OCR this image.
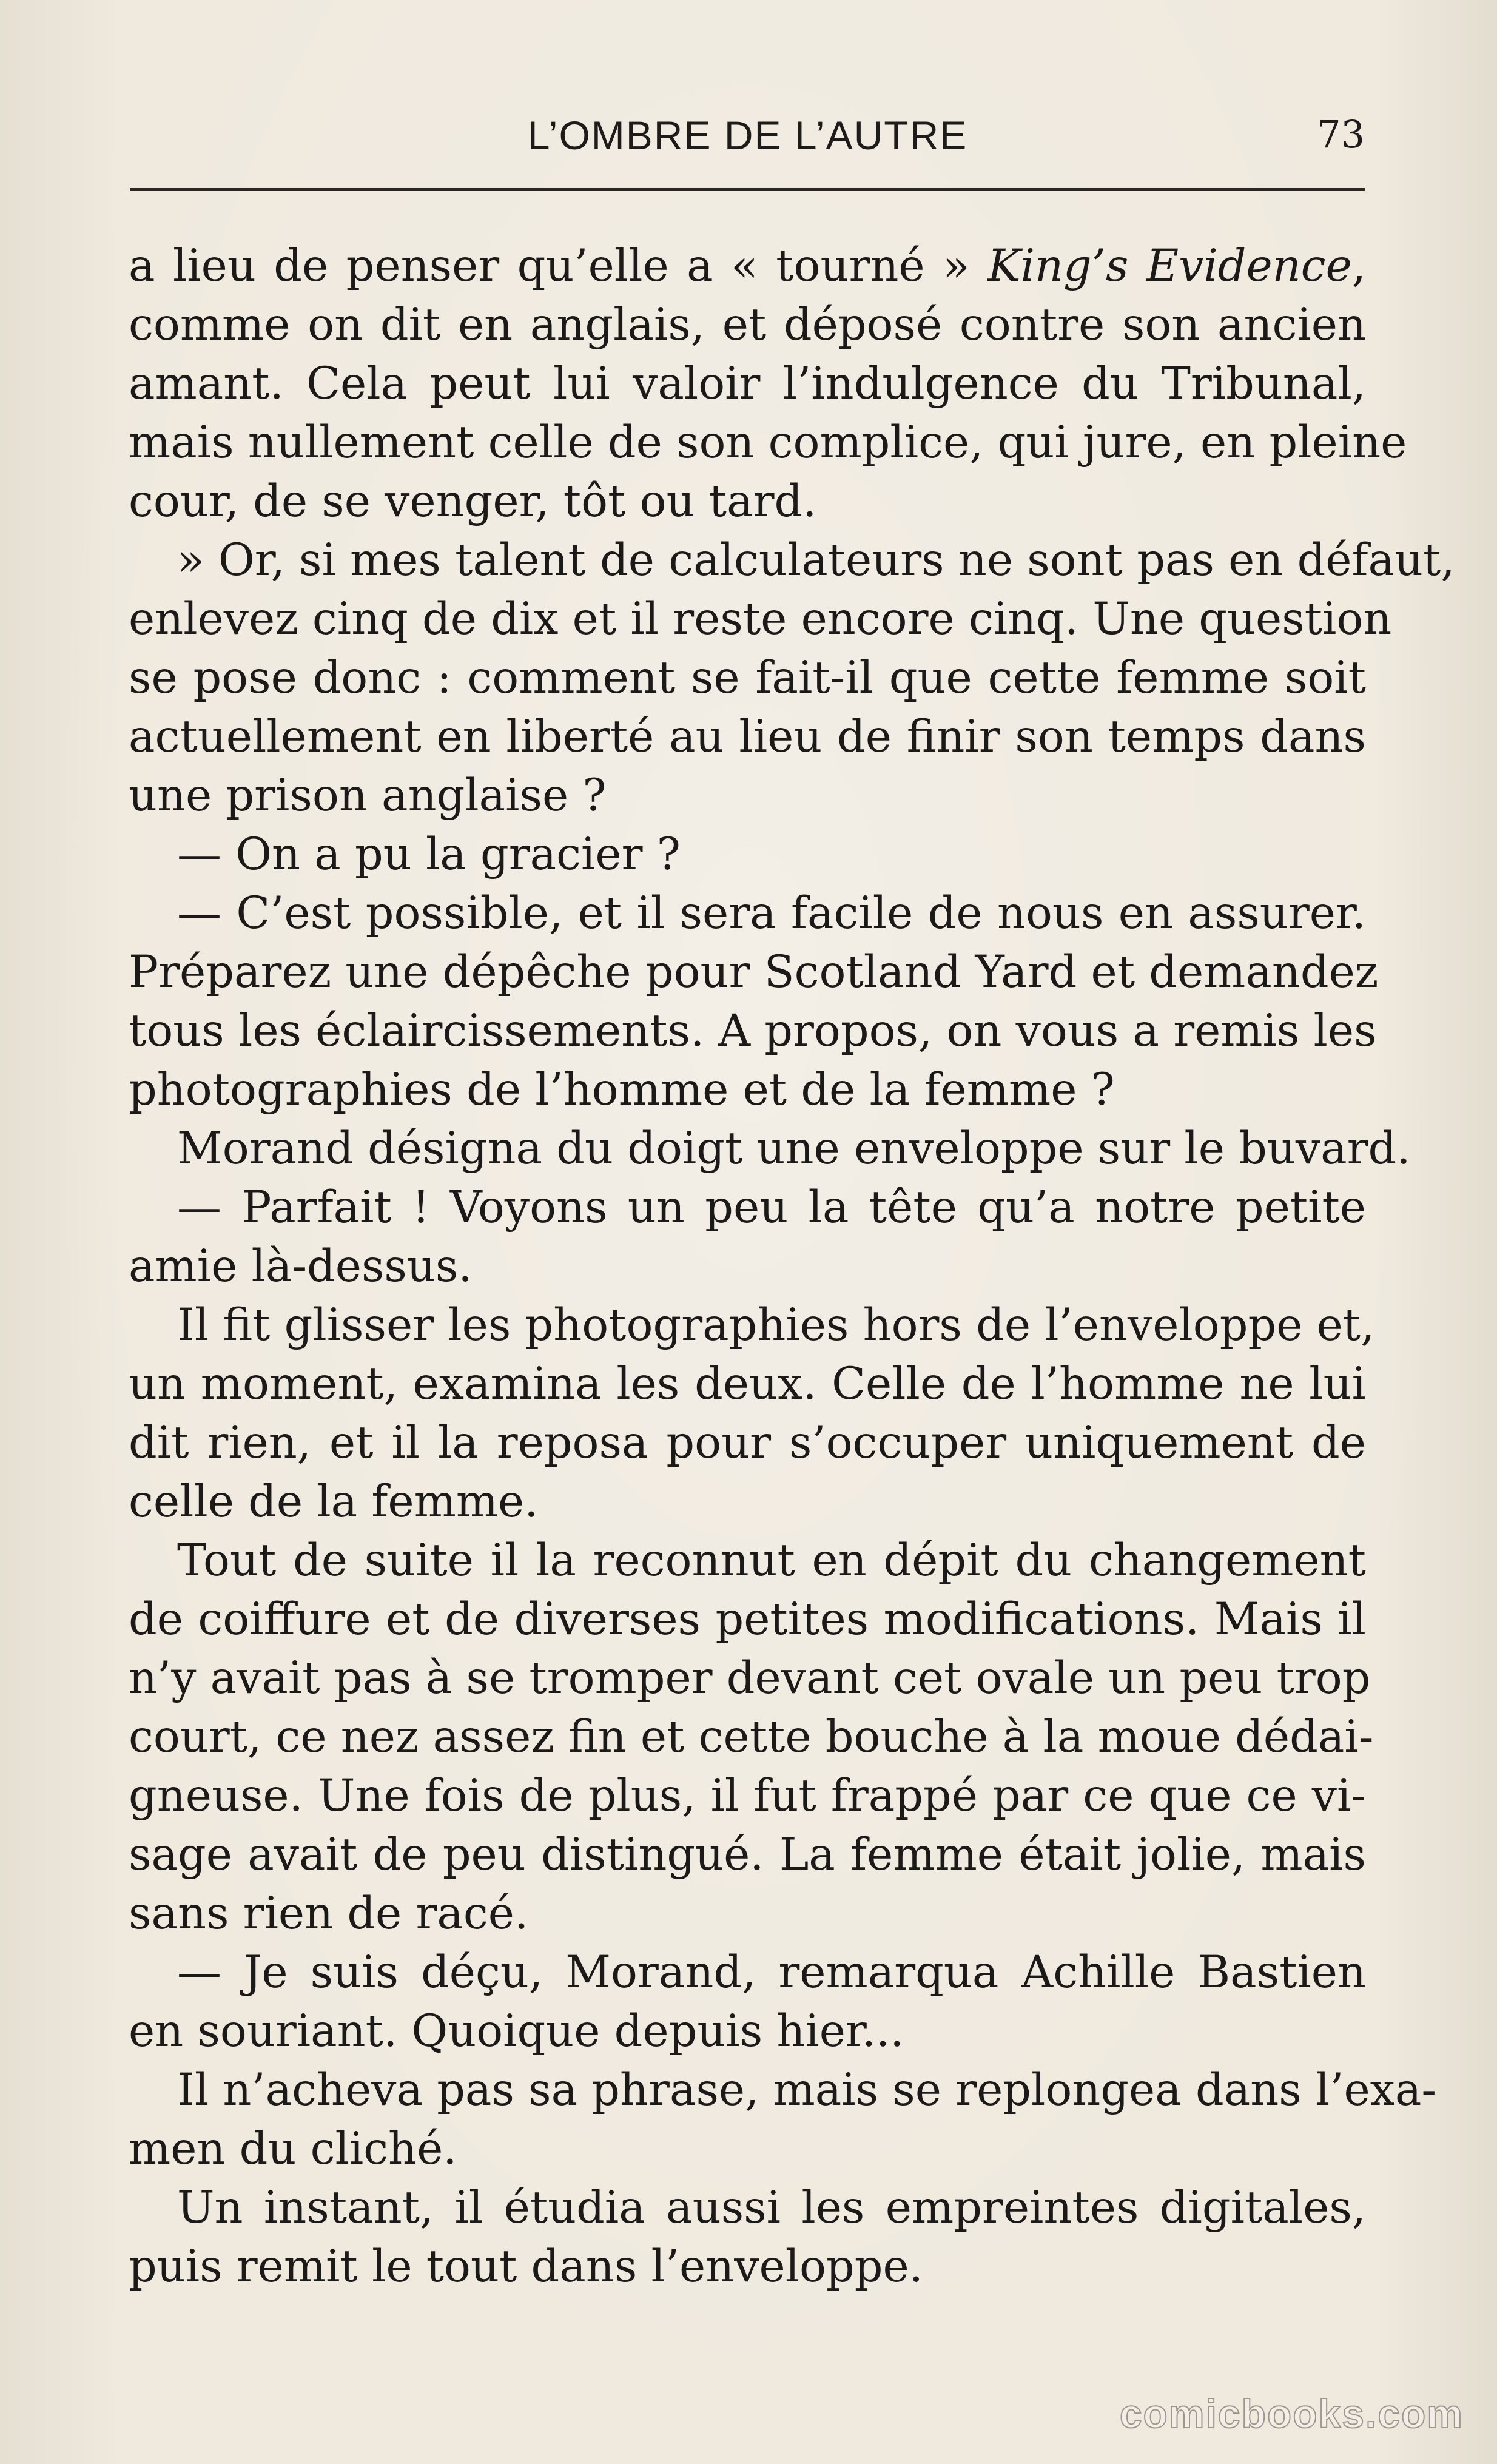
L’OMBRE DE L’AUTRE	73
a lieu de penser qu’elle a « tourné » King’s Evidence,
comme on dit en anglais, et déposé contre son ancien
amant. Cela peut lui valoir l’indulgence du Tribunal,
mais nullement celle de son complice, qui jure, en pleine
cour, de se venger, tôt ou tard.
» Or, si mes talent de calculateurs ne sont pas en défaut,
enlevez cinq de dix et il reste encore cinq. Une question
se pose donc : comment se fait-il que cette femme soit
actuellement en liberté au lieu de finir son temps dans
une prison anglaise ?
— On a pu la gracier ?
— C’est possible, et il sera facile de nous en assurer.
Préparez une dépêche pour Scotland Yard et demandez
tous les éclaircissements. A propos, on vous a remis les
photographies de l’homme et de la femme ?
Morand désigna du doigt une enveloppe sur le buvard.
— Parfait ! Voyons un peu la tête qu’a notre petite
amie là-dessus.
Il fit glisser les photographies hors de l’enveloppe et,
un moment, examina les deux. Celle de l’homme ne lui
dit rien, et il la reposa pour s’occuper uniquement de
celle de la femme.
Tout de suite il la reconnut en dépit du changement
de coiffure et de diverses petites modifications. Mais il
n’y avait pas à se tromper devant cet ovale un peu trop
court, ce nez assez fin et cette bouche à la moue dédai-
gneuse. Une fois de plus, il fut frappé par ce que ce vi-
sage avait de peu distingué. La femme était jolie, mais
sans rien de racé.
— Je suis déçu, Morand, remarqua Achille Bastien
en souriant. Quoique depuis hier...
Il n’acheva pas sa phrase, mais se replongea dans l’exa-
men du cliché.
Un instant, il étudia aussi les empreintes digitales,
puis remit le tout dans l’enveloppe.
comicbooks.com
